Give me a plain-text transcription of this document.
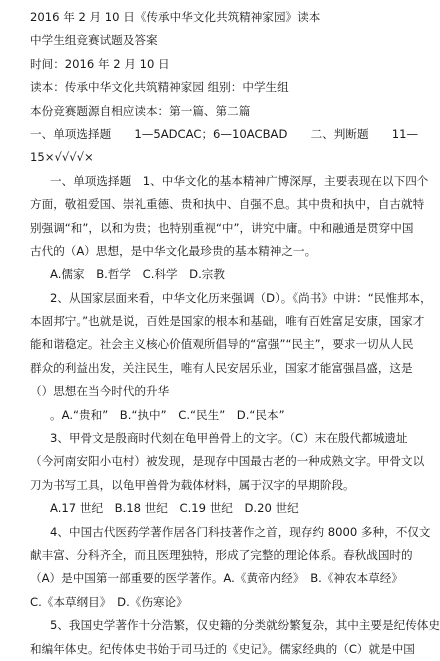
2016 年 2 月 10 日《传承中华文化共筑精神家园》读本
中学生组竞赛试题及答案
时间：2016 年 2 月 10 日
读本：传承中华文化共筑精神家园 组别：中学生组
本份竞赛题源自相应读本：第一篇、第二篇
一、单项选择题　　1—5ADCAC；6—10ACBAD　　二、判断题　　11—
15×√√√√×
一、单项选择题　1、中华文化的基本精神广博深厚，主要表现在以下四个
方面，敬祖爱国、崇礼重德、贵和执中、自强不息。其中贵和执中，自古就特
别强调“和”，以和为贵；也特别重视“中”，讲究中庸。中和融通是贯穿中国
古代的（A）思想，是中华文化最珍贵的基本精神之一。
A.儒家　B.哲学　C.科学　D.宗教
2、从国家层面来看，中华文化历来强调（D）。《尚书》中讲：“民惟邦本，
本固邦宁。”也就是说，百姓是国家的根本和基础，唯有百姓富足安康，国家才
能和谐稳定。社会主义核心价值观所倡导的“富强”“民主”，要求一切从人民
群众的利益出发，关注民生，唯有人民安居乐业，国家才能富强昌盛，这是
（）思想在当今时代的升华
。A.“贵和”　B.“执中”　C.“民生”　D.“民本”
3、甲骨文是殷商时代刻在龟甲兽骨上的文字。（C）末在殷代都城遗址
（今河南安阳小屯村）被发现，是现存中国最古老的一种成熟文字。甲骨文以
刀为书写工具，以龟甲兽骨为载体材料，属于汉字的早期阶段。
A.17 世纪　B.18 世纪　C.19 世纪　D.20 世纪
4、中国古代医药学著作居各门科技著作之首，现存约 8000 多种，不仅文
献丰富、分科齐全，而且医理独特，形成了完整的理论体系。春秋战国时的
（A）是中国第一部重要的医学著作。A.《黄帝内经》　B.《神农本草经》
C.《本草纲目》　D.《伤寒论》
5、我国史学著作十分浩繁，仅史籍的分类就纷繁复杂，其中主要是纪传体史
和编年体史。纪传体史书始于司马迁的《史记》。儒家经典的（C）就是中国
